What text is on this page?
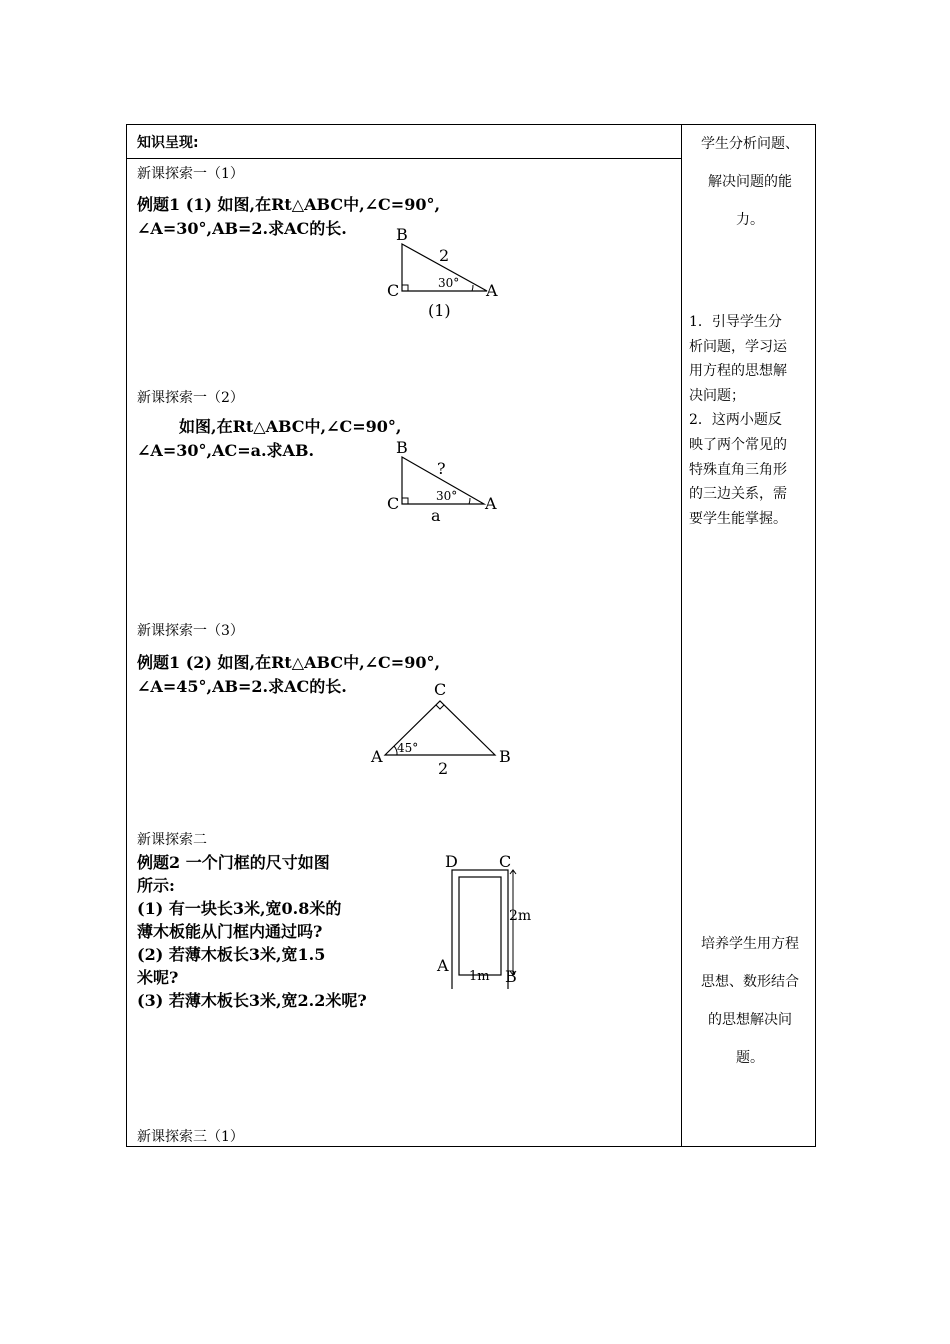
知识呈现:
新课探索一（1）
例题1 (1) 如图,在Rt△ABC中,∠C=90°,
∠A=30°,AB=2.求AC的长.	B
C	A
2
30°
(1)
新课探索一（2）
如图,在Rt△ABC中,∠C=90°,
∠A=30°,AC=a.求AB.	B
C	A
?
30°
a
新课探索一（3）
例题1 (2) 如图,在Rt△ABC中,∠C=90°,
∠A=45°,AB=2.求AC的长.	C
A	B
45°
2
新课探索二
例题2 一个门框的尺寸如图
所示:
(1) 有一块长3米,宽0.8米的
薄木板能从门框内通过吗?
(2) 若薄木板长3米,宽1.5
米呢?
(3) 若薄木板长3米,宽2.2米呢?
D	C
A
B
2m
1m
新课探索三（1）
学生分析问题、
解决问题的能
力。
1．引导学生分
析问题，学习运
用方程的思想解
决问题；
2．这两小题反
映了两个常见的
特殊直角三角形
的三边关系，需
要学生能掌握。
培养学生用方程
思想、数形结合
的思想解决问
题。
